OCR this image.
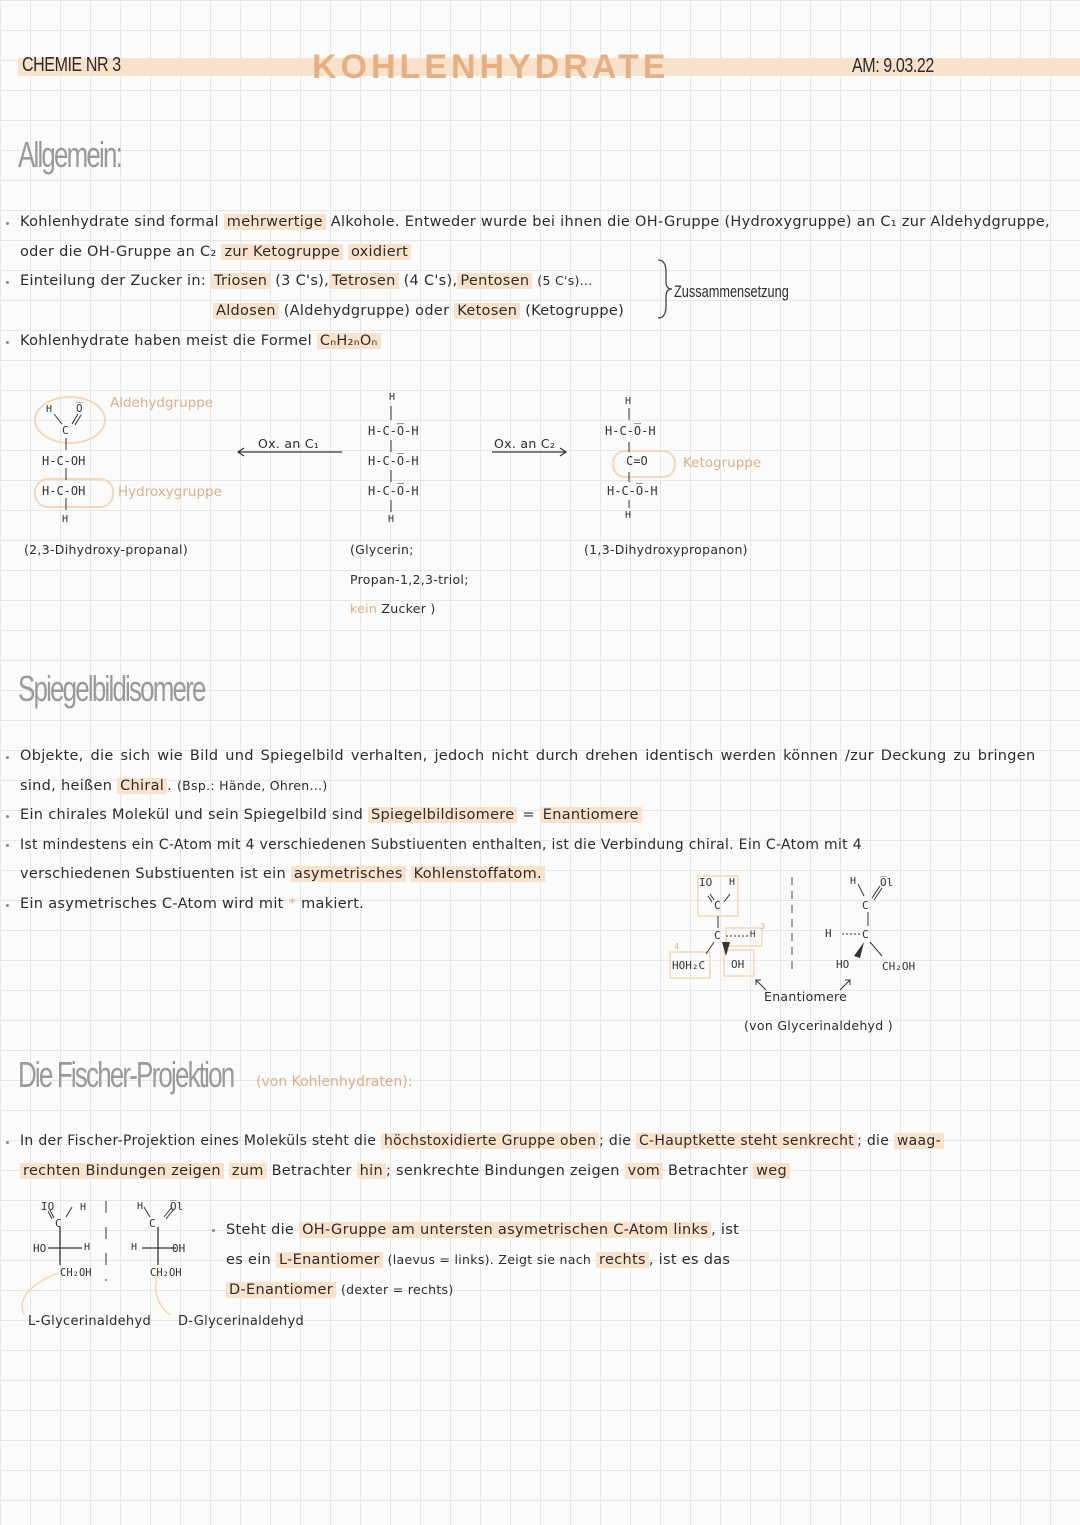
CHEMIE NR 3	KOHLENHYDRATE	AM: 9.03.22
Allgemein:
Kohlenhydrate sind formal mehrwertige Alkohole. Entweder wurde bei ihnen die OH-Gruppe (Hydroxygruppe) an C₁ zur Aldehydgruppe,
oder die OH-Gruppe an C₂ zur Ketogruppe oxidiert
Einteilung der Zucker in: Triosen (3 C's), Tetrosen (4 C's), Pentosen (5 C's)...
Aldosen (Aldehydgruppe) oder Ketosen (Ketogruppe)
Zussammensetzung
Kohlenhydrate haben meist die Formel CₙH₂ₙOₙ
H O̅
C
H-C-OH
H-C-OH
H
Aldehydgruppe
Hydroxygruppe
(2,3-Dihydroxy-propanal)
Ox. an C₁	Ox. an C₂
H
H-C-O̅-H
H-C-O̅-H
H-C-O̅-H
H
(Glycerin;
Propan-1,2,3-triol;
kein Zucker )
H
H-C-O̅-H
C=O
H-C-O̅-H
H
Ketogruppe
(1,3-Dihydroxypropanon)
Spiegelbildisomere
Objekte, die sich wie Bild und Spiegelbild verhalten, jedoch nicht durch drehen identisch werden können /zur Deckung zu bringen
sind, heißen Chiral . (Bsp.: Hände, Ohren...)
Ein chirales Molekül und sein Spiegelbild sind Spiegelbildisomere = Enantiomere
Ist mindestens ein C-Atom mit 4 verschiedenen Substiuenten enthalten, ist die Verbindung chiral. Ein C-Atom mit 4
verschiedenen Substiuenten ist ein asymetrisches Kohlenstoffatom.
Ein asymetrisches C-Atom wird mit * makiert.
IO H
C
C	H
HOH₂C OH
4
3
H O̅l
C
H	C
HO	CH₂OH
Enantiomere
(von Glycerinaldehyd )
Die Fischer-Projektion	(von Kohlenhydraten):
In der Fischer-Projektion eines Moleküls steht die höchstoxidierte Gruppe oben ; die C-Hauptkette steht senkrecht ; die waag-
rechten Bindungen zeigen zum Betrachter hin ; senkrechte Bindungen zeigen vom Betrachter weg
IO	H
C
HO	H
CH₂OH
H O̅l
C
H	OH
CH₂OH
L-Glycerinaldehyd D-Glycerinaldehyd
Steht die OH-Gruppe am untersten asymetrischen C-Atom links , ist
es ein L-Enantiomer (laevus = links). Zeigt sie nach rechts , ist es das
D-Enantiomer (dexter = rechts)
